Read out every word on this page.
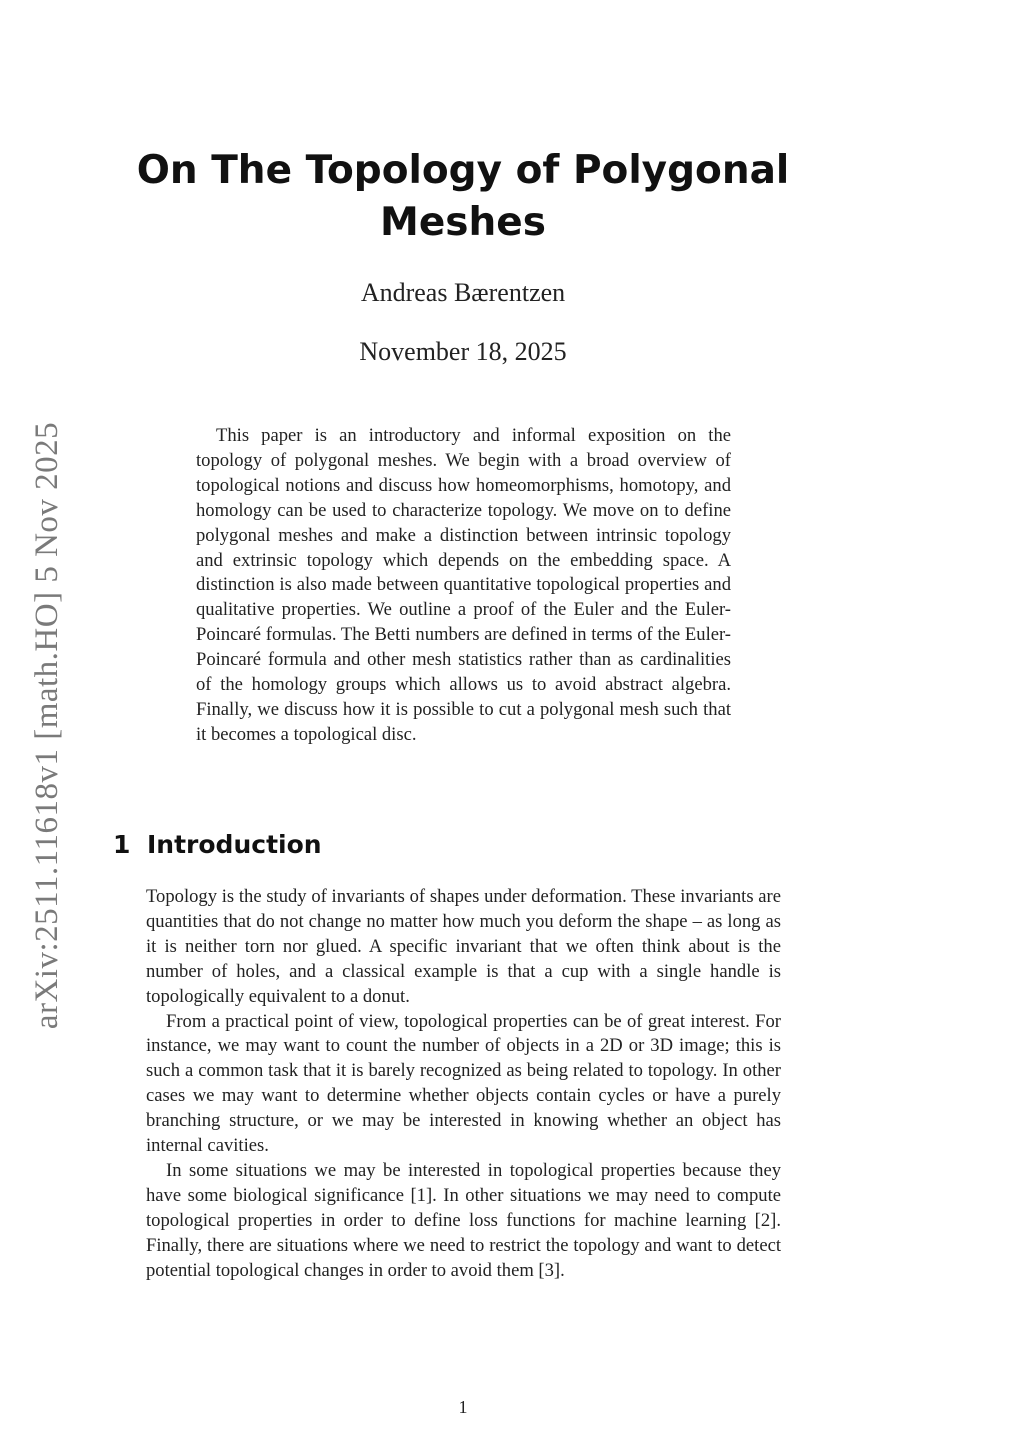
arXiv:2511.11618v1 [math.HO] 5 Nov 2025
On The Topology of Polygonal Meshes
Andreas Bærentzen
November 18, 2025

This paper is an introductory and informal exposition on the topology of polygonal meshes. We begin with a broad overview of topological notions and discuss how homeomorphisms, homotopy, and homology can be used to characterize topology. We move on to define polygonal meshes and make a distinction between intrinsic topology and extrinsic topology which depends on the embedding space. A distinction is also made between quantitative topological properties and qualitative properties. We outline a proof of the Euler and the Euler-Poincaré formulas. The Betti numbers are defined in terms of the Euler-Poincaré formula and other mesh statistics rather than as cardinalities of the homology groups which allows us to avoid abstract algebra. Finally, we discuss how it is possible to cut a polygonal mesh such that it becomes a topological disc.

1 Introduction

Topology is the study of invariants of shapes under deformation. These invariants are quantities that do not change no matter how much you deform the shape – as long as it is neither torn nor glued. A specific invariant that we often think about is the number of holes, and a classical example is that a cup with a single handle is topologically equivalent to a donut.

From a practical point of view, topological properties can be of great interest. For instance, we may want to count the number of objects in a 2D or 3D image; this is such a common task that it is barely recognized as being related to topology. In other cases we may want to determine whether objects contain cycles or have a purely branching structure, or we may be interested in knowing whether an object has internal cavities.

In some situations we may be interested in topological properties because they have some biological significance [1]. In other situations we may need to compute topological properties in order to define loss functions for machine learning [2]. Finally, there are situations where we need to restrict the topology and want to detect potential topological changes in order to avoid them [3].

1
